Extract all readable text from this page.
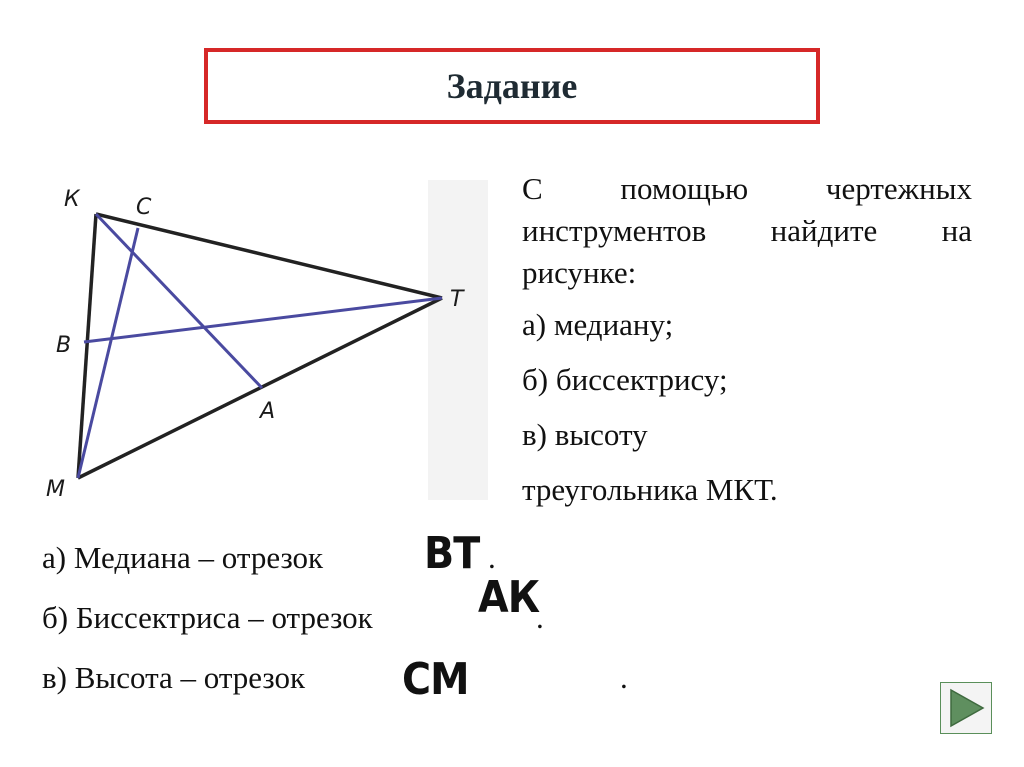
Задание
К	С
В
Т
А
М

С помощью чертежных инструментов найдите на рисунке:

а) медиану;

б) биссектрису;

в) высоту

треугольника МКТ.

а) Медиана – отрезок ВТ .
б) Биссектриса – отрезок АК
.
в) Высота – отрезок СМ	.
